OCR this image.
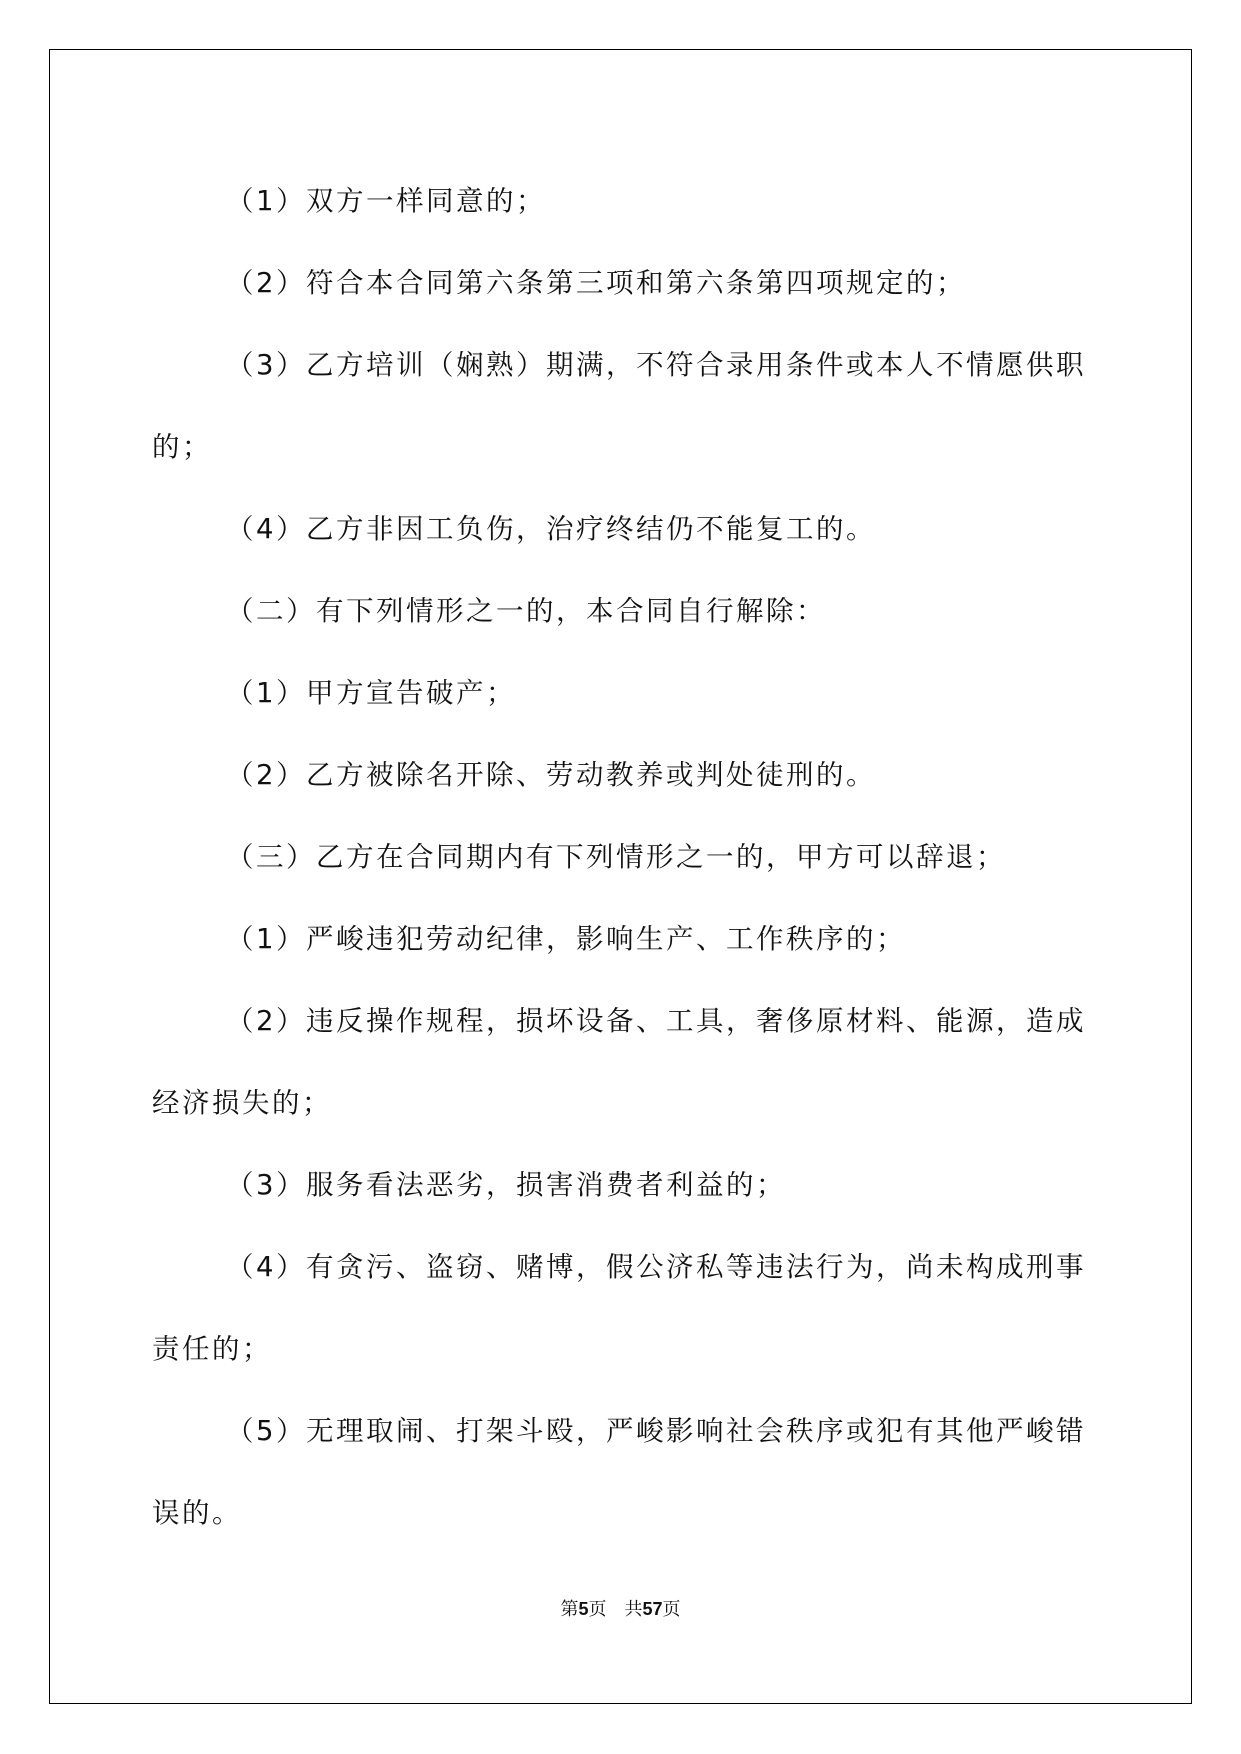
（1）双方一样同意的；

（2）符合本合同第六条第三项和第六条第四项规定的；

（3）乙方培训（娴熟）期满，不符合录用条件或本人不情愿供职

的；

（4）乙方非因工负伤，治疗终结仍不能复工的。

（二）有下列情形之一的，本合同自行解除：

（1）甲方宣告破产；

（2）乙方被除名开除、劳动教养或判处徒刑的。

（三）乙方在合同期内有下列情形之一的，甲方可以辞退；

（1）严峻违犯劳动纪律，影响生产、工作秩序的；

（2）违反操作规程，损坏设备、工具，奢侈原材料、能源，造成

经济损失的；

（3）服务看法恶劣，损害消费者利益的；

（4）有贪污、盗窃、赌博，假公济私等违法行为，尚未构成刑事

责任的；

（5）无理取闹、打架斗殴，严峻影响社会秩序或犯有其他严峻错

误的。

第5页 共57页
